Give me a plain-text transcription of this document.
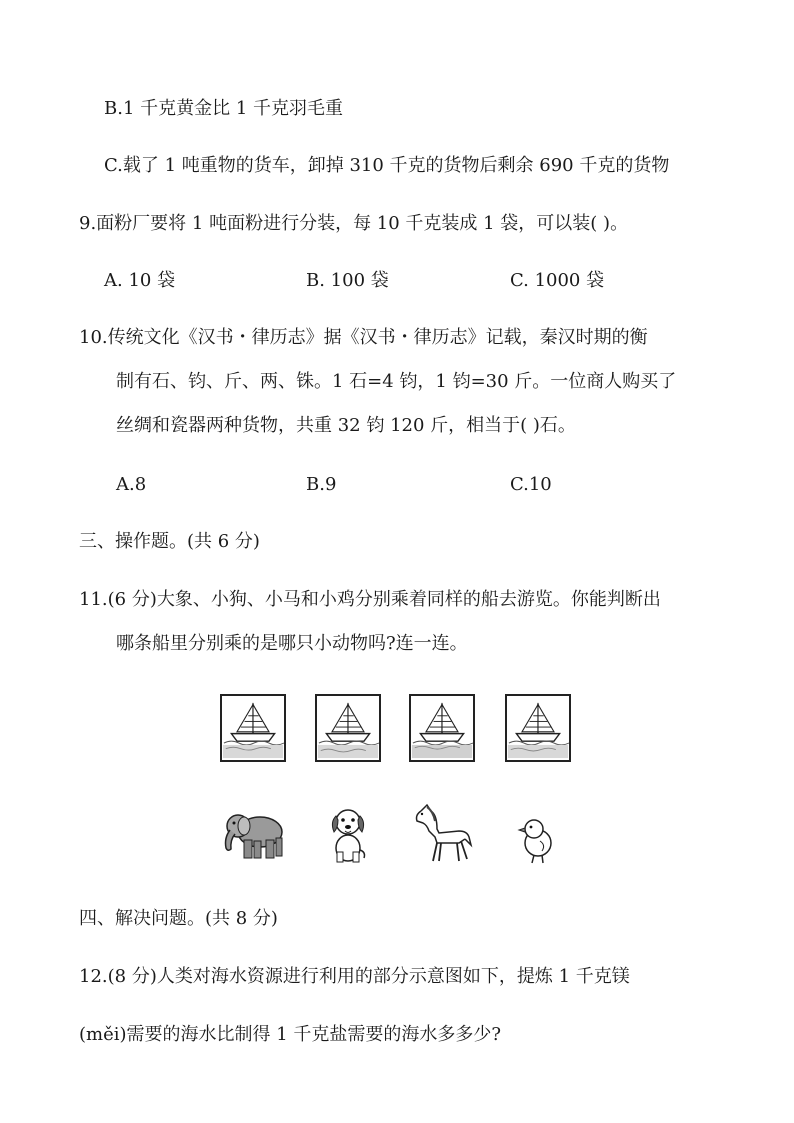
B.1 千克黄金比 1 千克羽毛重
C.载了 1 吨重物的货车，卸掉 310 千克的货物后剩余 690 千克的货物
9.面粉厂要将 1 吨面粉进行分装，每 10 千克装成 1 袋，可以装( )。
A. 10 袋	B. 100 袋	C. 1000 袋
10.传统文化《汉书・律历志》据《汉书・律历志》记载，秦汉时期的衡
制有石、钧、斤、两、铢。1 石=4 钧，1 钧=30 斤。一位商人购买了
丝绸和瓷器两种货物，共重 32 钧 120 斤，相当于( )石。
A.8	B.9	C.10
三、操作题。(共 6 分)
11.(6 分)大象、小狗、小马和小鸡分别乘着同样的船去游览。你能判断出
哪条船里分别乘的是哪只小动物吗?连一连。
四、解决问题。(共 8 分)
12.(8 分)人类对海水资源进行利用的部分示意图如下，提炼 1 千克镁
(měi)需要的海水比制得 1 千克盐需要的海水多多少?
